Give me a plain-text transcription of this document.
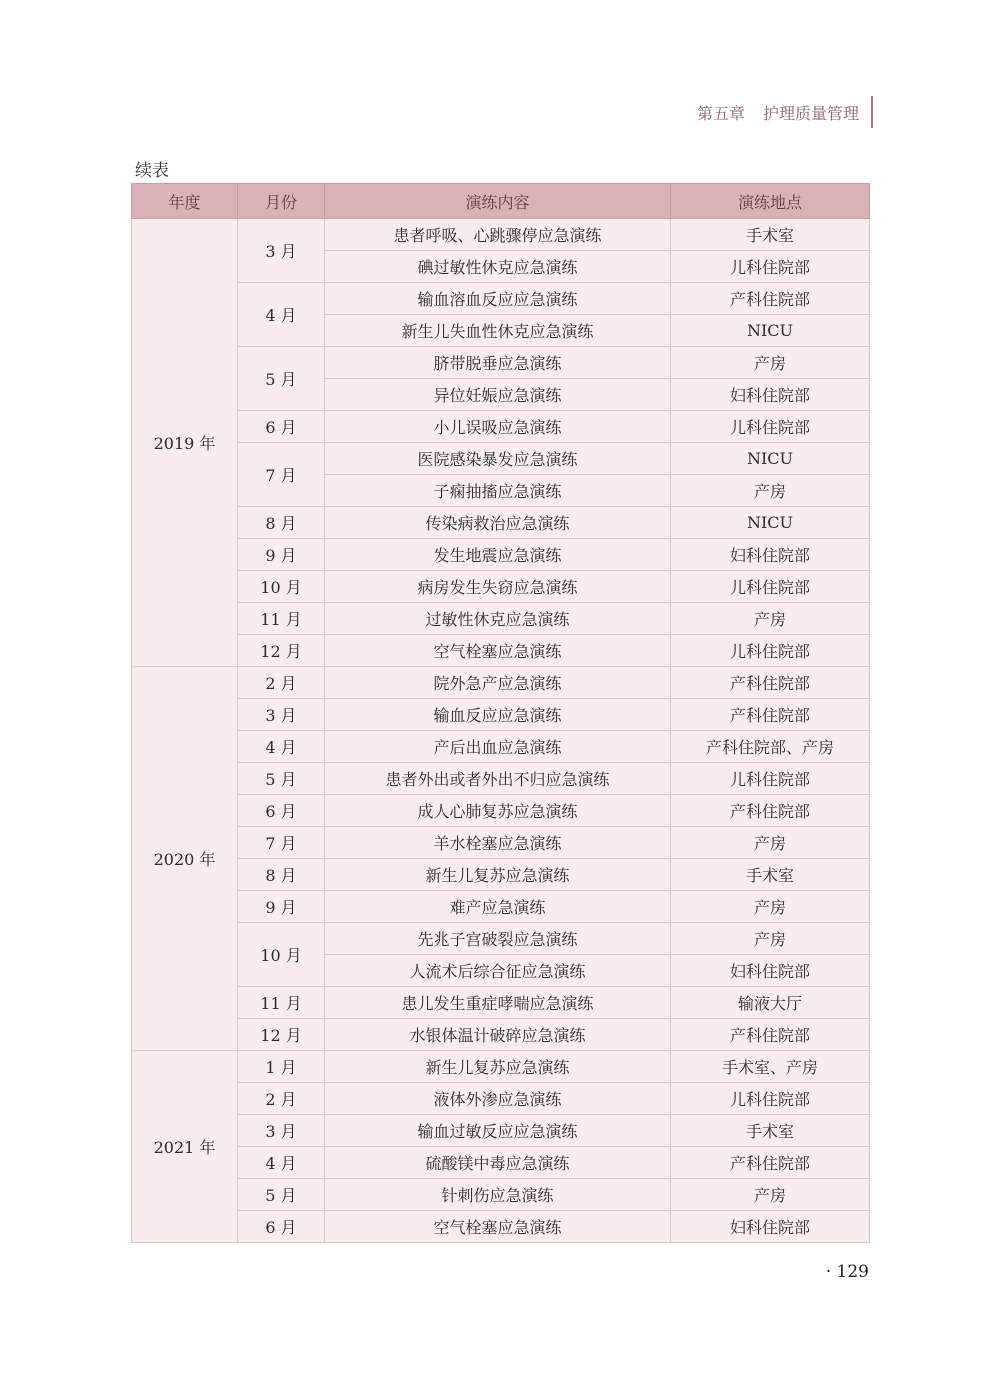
第五章 护理质量管理
续表
年度	月份	演练内容	演练地点
2019 年	3 月	患者呼吸、心跳骤停应急演练	手术室
		碘过敏性休克应急演练	儿科住院部
	4 月	输血溶血反应应急演练	产科住院部
		新生儿失血性休克应急演练	NICU
	5 月	脐带脱垂应急演练	产房
		异位妊娠应急演练	妇科住院部
	6 月	小儿误吸应急演练	儿科住院部
	7 月	医院感染暴发应急演练	NICU
		子痫抽搐应急演练	产房
	8 月	传染病救治应急演练	NICU
	9 月	发生地震应急演练	妇科住院部
	10 月	病房发生失窃应急演练	儿科住院部
	11 月	过敏性休克应急演练	产房
	12 月	空气栓塞应急演练	儿科住院部
2020 年	2 月	院外急产应急演练	产科住院部
	3 月	输血反应应急演练	产科住院部
	4 月	产后出血应急演练	产科住院部、产房
	5 月	患者外出或者外出不归应急演练	儿科住院部
	6 月	成人心肺复苏应急演练	产科住院部
	7 月	羊水栓塞应急演练	产房
	8 月	新生儿复苏应急演练	手术室
	9 月	难产应急演练	产房
	10 月	先兆子宫破裂应急演练	产房
		人流术后综合征应急演练	妇科住院部
	11 月	患儿发生重症哮喘应急演练	输液大厅
	12 月	水银体温计破碎应急演练	产科住院部
2021 年	1 月	新生儿复苏应急演练	手术室、产房
	2 月	液体外渗应急演练	儿科住院部
	3 月	输血过敏反应应急演练	手术室
	4 月	硫酸镁中毒应急演练	产科住院部
	5 月	针刺伤应急演练	产房
	6 月	空气栓塞应急演练	妇科住院部
· 129
